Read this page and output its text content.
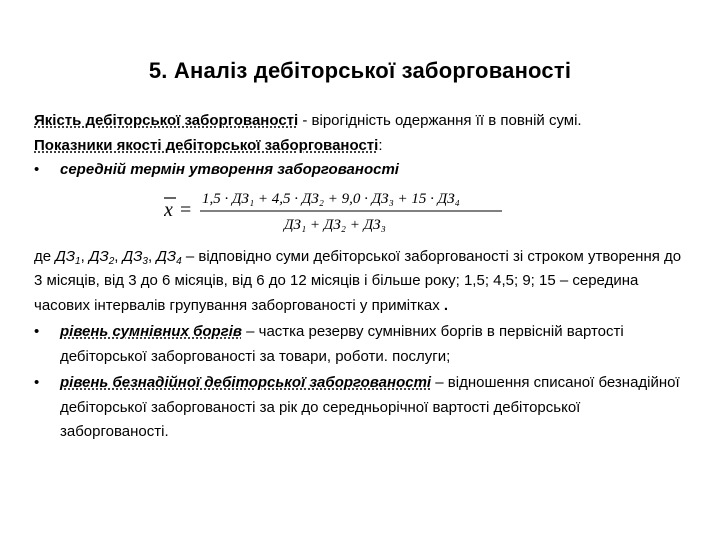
5. Аналіз дебіторської заборгованості
Якість дебіторської заборгованості - вірогідність одержання її в повній сумі.
Показники якості дебіторської заборгованості:
•	середній термін утворення заборгованості
x = 1,5 · ДЗ₁ + 4,5 · ДЗ₂ + 9,0 · ДЗ₃ + 15 · ДЗ₄
ДЗ₁ + ДЗ₂ + ДЗ₃
де $ДЗ_1$, $ДЗ_2$, $ДЗ_3$, $ДЗ_4$ – відповідно суми дебіторської заборгованості зі строком утворення до 3 місяців, від 3 до 6 місяців, від 6 до 12 місяців і більше року; 1,5; 4,5; 9; 15 – середина часових інтервалів групування заборгованості у примітках .
•	рівень сумнівних боргів – частка резерву сумнівних боргів в первісній вартості дебіторської заборгованості за товари, роботи. послуги;
•	рівень безнадійної дебіторської заборгованості – відношення списаної безнадійної дебіторської заборгованості за рік до середньорічної вартості дебіторської заборгованості.
